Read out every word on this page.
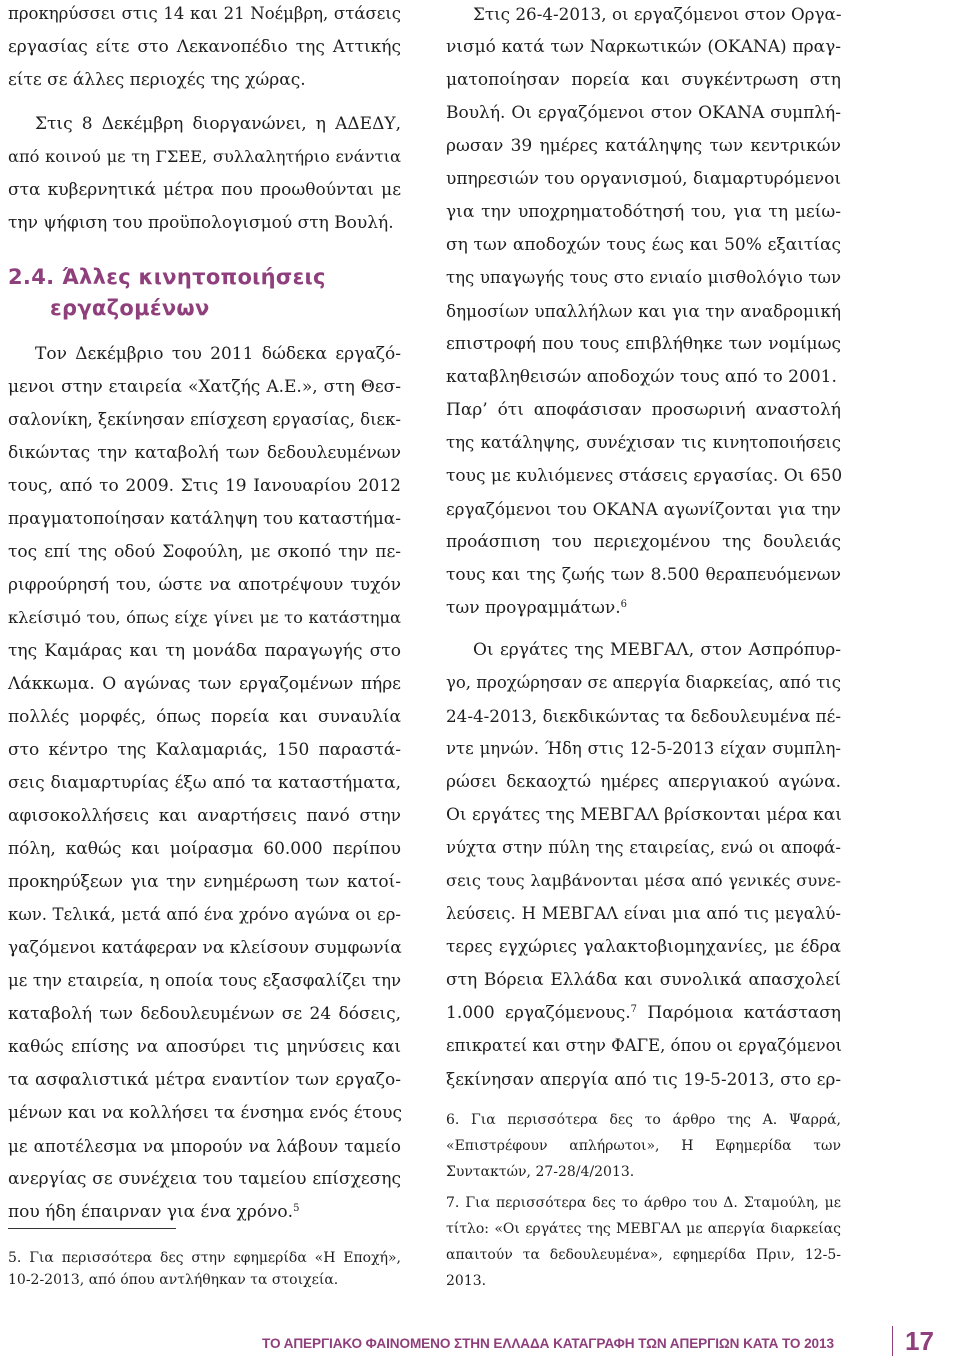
προκηρύσσει στις 14 και 21 Νοέμβρη, στάσεις

εργασίας είτε στο Λεκανοπέδιο της Αττικής

είτε σε άλλες περιοχές της χώρας.

Στις 8 Δεκέμβρη διοργανώνει, η ΑΔΕΔΥ,

από κοινού με τη ΓΣΕΕ, συλλαλητήριο ενάντια

στα κυβερνητικά μέτρα που προωθούνται με

την ψήφιση του προϋπολογισμού στη Βουλή.

2.4. Άλλες κινητοποιήσεις
εργαζομένων

Τον Δεκέμβριο του 2011 δώδεκα εργαζό-

μενοι στην εταιρεία «Χατζής Α.Ε.», στη Θεσ-

σαλονίκη, ξεκίνησαν επίσχεση εργασίας, διεκ-

δικώντας την καταβολή των δεδουλευμένων

τους, από το 2009. Στις 19 Ιανουαρίου 2012

πραγματοποίησαν κατάληψη του καταστήμα-

τος επί της οδού Σοφούλη, με σκοπό την πε-

ριφρούρησή του, ώστε να αποτρέψουν τυχόν

κλείσιμό του, όπως είχε γίνει με το κατάστημα

της Καμάρας και τη μονάδα παραγωγής στο

Λάκκωμα. Ο αγώνας των εργαζομένων πήρε

πολλές μορφές, όπως πορεία και συναυλία

στο κέντρο της Καλαμαριάς, 150 παραστά-

σεις διαμαρτυρίας έξω από τα καταστήματα,

αφισοκολλήσεις και αναρτήσεις πανό στην

πόλη, καθώς και μοίρασμα 60.000 περίπου

προκηρύξεων για την ενημέρωση των κατοί-

κων. Τελικά, μετά από ένα χρόνο αγώνα οι ερ-

γαζόμενοι κατάφεραν να κλείσουν συμφωνία

με την εταιρεία, η οποία τους εξασφαλίζει την

καταβολή των δεδουλευμένων σε 24 δόσεις,

καθώς επίσης να αποσύρει τις μηνύσεις και

τα ασφαλιστικά μέτρα εναντίον των εργαζο-

μένων και να κολλήσει τα ένσημα ενός έτους

με αποτέλεσμα να μπορούν να λάβουν ταμείο

ανεργίας σε συνέχεια του ταμείου επίσχεσης

που ήδη έπαιρναν για ένα χρόνο.$^5$

5. Για περισσότερα δες στην εφημερίδα «Η Εποχή»,

10-2-2013, από όπου αντλήθηκαν τα στοιχεία.

Στις 26-4-2013, οι εργαζόμενοι στον Οργα-

νισμό κατά των Ναρκωτικών (ΟΚΑΝΑ) πραγ-

ματοποίησαν πορεία και συγκέντρωση στη

Βουλή. Οι εργαζόμενοι στον ΟΚΑΝΑ συμπλή-

ρωσαν 39 ημέρες κατάληψης των κεντρικών

υπηρεσιών του οργανισμού, διαμαρτυρόμενοι

για την υποχρηματοδότησή του, για τη μείω-

ση των αποδοχών τους έως και 50% εξαιτίας

της υπαγωγής τους στο ενιαίο μισθολόγιο των

δημοσίων υπαλλήλων και για την αναδρομική

επιστροφή που τους επιβλήθηκε των νομίμως

καταβληθεισών αποδοχών τους από το 2001.

Παρ’ ότι αποφάσισαν προσωρινή αναστολή

της κατάληψης, συνέχισαν τις κινητοποιήσεις

τους με κυλιόμενες στάσεις εργασίας. Οι 650

εργαζόμενοι του ΟΚΑΝΑ αγωνίζονται για την

προάσπιση του περιεχομένου της δουλειάς

τους και της ζωής των 8.500 θεραπευόμενων

των προγραμμάτων.$^6$

Οι εργάτες της ΜΕΒΓΑΛ, στον Ασπρόπυρ-

γο, προχώρησαν σε απεργία διαρκείας, από τις

24-4-2013, διεκδικώντας τα δεδουλευμένα πέ-

ντε μηνών. Ήδη στις 12-5-2013 είχαν συμπλη-

ρώσει δεκαοχτώ ημέρες απεργιακού αγώνα.

Οι εργάτες της ΜΕΒΓΑΛ βρίσκονται μέρα και

νύχτα στην πύλη της εταιρείας, ενώ οι αποφά-

σεις τους λαμβάνονται μέσα από γενικές συνε-

λεύσεις. Η ΜΕΒΓΑΛ είναι μια από τις μεγαλύ-

τερες εγχώριες γαλακτοβιομηχανίες, με έδρα

στη Βόρεια Ελλάδα και συνολικά απασχολεί

1.000 εργαζόμενους.$^7$ Παρόμοια κατάσταση

επικρατεί και στην ΦΑΓΕ, όπου οι εργαζόμενοι

ξεκίνησαν απεργία από τις 19-5-2013, στο ερ-

6. Για περισσότερα δες το άρθρο της Α. Ψαρρά,

«Επιστρέφουν απλήρωτοι», Η Εφημερίδα των

Συντακτών, 27-28/4/2013.

7. Για περισσότερα δες το άρθρο του Δ. Σταμούλη, με

τίτλο: «Οι εργάτες της ΜΕΒΓΑΛ με απεργία διαρκείας

απαιτούν τα δεδουλευμένα», εφημερίδα Πριν, 12-5-

2013.

ΤΟ ΑΠΕΡΓΙΑΚΟ ΦΑΙΝΟΜΕΝΟ ΣΤΗΝ ΕΛΛΑΔΑ ΚΑΤΑΓΡΑΦΗ ΤΩΝ ΑΠΕΡΓΙΩΝ ΚΑΤΑ ΤΟ 2013	17
